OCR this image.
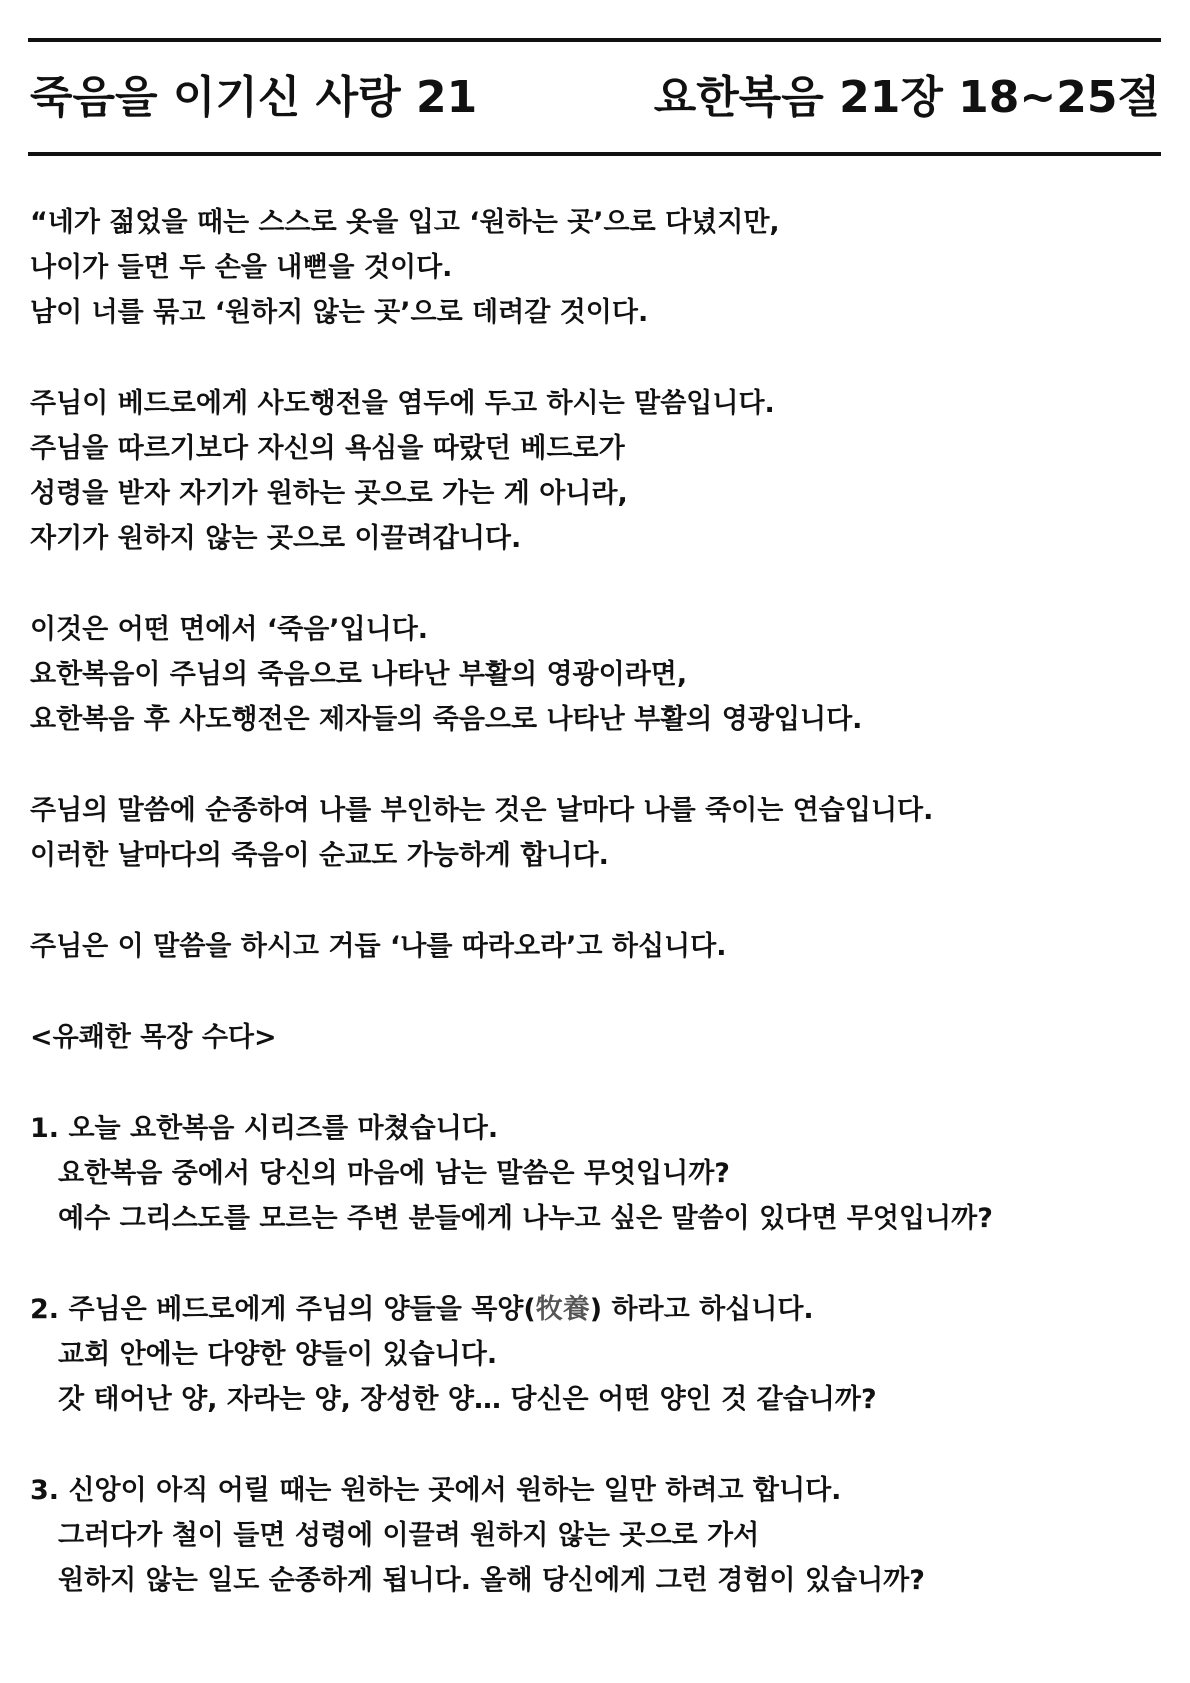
죽음을 이기신 사랑 21	요한복음 21장 18~25절
“네가 젊었을 때는 스스로 옷을 입고 ‘원하는 곳’으로 다녔지만,
나이가 들면 두 손을 내뻗을 것이다.
남이 너를 묶고 ‘원하지 않는 곳’으로 데려갈 것이다.
주님이 베드로에게 사도행전을 염두에 두고 하시는 말씀입니다.
주님을 따르기보다 자신의 욕심을 따랐던 베드로가
성령을 받자 자기가 원하는 곳으로 가는 게 아니라,
자기가 원하지 않는 곳으로 이끌려갑니다.
이것은 어떤 면에서 ‘죽음’입니다.
요한복음이 주님의 죽음으로 나타난 부활의 영광이라면,
요한복음 후 사도행전은 제자들의 죽음으로 나타난 부활의 영광입니다.
주님의 말씀에 순종하여 나를 부인하는 것은 날마다 나를 죽이는 연습입니다.
이러한 날마다의 죽음이 순교도 가능하게 합니다.
주님은 이 말씀을 하시고 거듭 ‘나를 따라오라’고 하십니다.
<유쾌한 목장 수다>
1. 오늘 요한복음 시리즈를 마쳤습니다.
요한복음 중에서 당신의 마음에 남는 말씀은 무엇입니까?
예수 그리스도를 모르는 주변 분들에게 나누고 싶은 말씀이 있다면 무엇입니까?
2. 주님은 베드로에게 주님의 양들을 목양(牧養) 하라고 하십니다.
교회 안에는 다양한 양들이 있습니다.
갓 태어난 양, 자라는 양, 장성한 양… 당신은 어떤 양인 것 같습니까?
3. 신앙이 아직 어릴 때는 원하는 곳에서 원하는 일만 하려고 합니다.
그러다가 철이 들면 성령에 이끌려 원하지 않는 곳으로 가서
원하지 않는 일도 순종하게 됩니다. 올해 당신에게 그런 경험이 있습니까?
